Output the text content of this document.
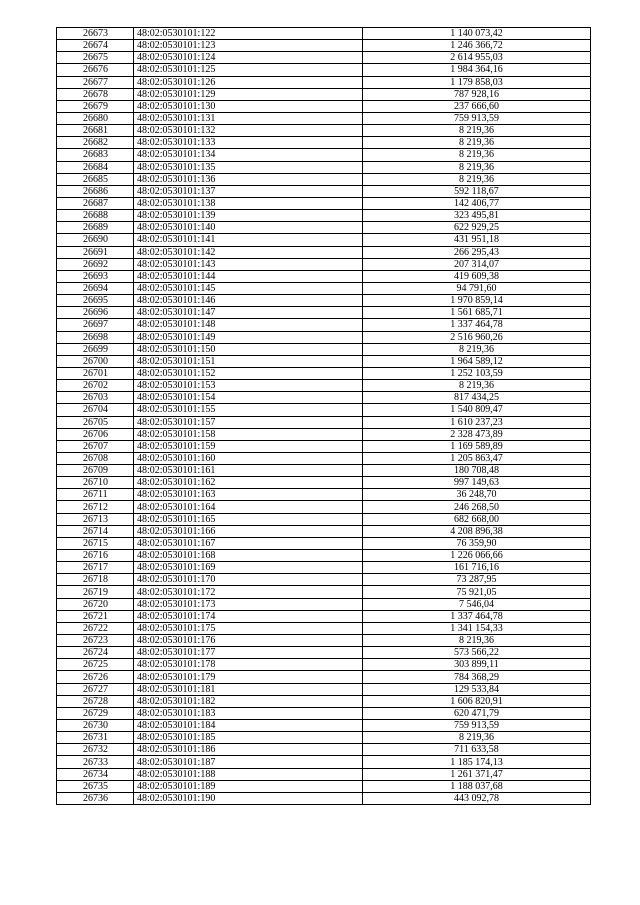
26673	48:02:0530101:122	1 140 073,42
26674	48:02:0530101:123	1 246 366,72
26675	48:02:0530101:124	2 614 955,03
26676	48:02:0530101:125	1 984 364,16
26677	48:02:0530101:126	1 179 858,03
26678	48:02:0530101:129	787 928,16
26679	48:02:0530101:130	237 666,60
26680	48:02:0530101:131	759 913,59
26681	48:02:0530101:132	8 219,36
26682	48:02:0530101:133	8 219,36
26683	48:02:0530101:134	8 219,36
26684	48:02:0530101:135	8 219,36
26685	48:02:0530101:136	8 219,36
26686	48:02:0530101:137	592 118,67
26687	48:02:0530101:138	142 406,77
26688	48:02:0530101:139	323 495,81
26689	48:02:0530101:140	622 929,25
26690	48:02:0530101:141	431 951,18
26691	48:02:0530101:142	266 295,43
26692	48:02:0530101:143	207 314,07
26693	48:02:0530101:144	419 609,38
26694	48:02:0530101:145	94 791,60
26695	48:02:0530101:146	1 970 859,14
26696	48:02:0530101:147	1 561 685,71
26697	48:02:0530101:148	1 337 464,78
26698	48:02:0530101:149	2 516 960,26
26699	48:02:0530101:150	8 219,36
26700	48:02:0530101:151	1 964 589,12
26701	48:02:0530101:152	1 252 103,59
26702	48:02:0530101:153	8 219,36
26703	48:02:0530101:154	817 434,25
26704	48:02:0530101:155	1 540 809,47
26705	48:02:0530101:157	1 610 237,23
26706	48:02:0530101:158	2 328 473,89
26707	48:02:0530101:159	1 169 589,89
26708	48:02:0530101:160	1 205 863,47
26709	48:02:0530101:161	180 708,48
26710	48:02:0530101:162	997 149,63
26711	48:02:0530101:163	36 248,70
26712	48:02:0530101:164	246 268,50
26713	48:02:0530101:165	682 668,00
26714	48:02:0530101:166	4 208 896,38
26715	48:02:0530101:167	76 359,90
26716	48:02:0530101:168	1 226 066,66
26717	48:02:0530101:169	161 716,16
26718	48:02:0530101:170	73 287,95
26719	48:02:0530101:172	75 921,05
26720	48:02:0530101:173	7 546,04
26721	48:02:0530101:174	1 337 464,78
26722	48:02:0530101:175	1 341 154,33
26723	48:02:0530101:176	8 219,36
26724	48:02:0530101:177	573 566,22
26725	48:02:0530101:178	303 899,11
26726	48:02:0530101:179	784 368,29
26727	48:02:0530101:181	129 533,84
26728	48:02:0530101:182	1 606 820,91
26729	48:02:0530101:183	620 471,79
26730	48:02:0530101:184	759 913,59
26731	48:02:0530101:185	8 219,36
26732	48:02:0530101:186	711 633,58
26733	48:02:0530101:187	1 185 174,13
26734	48:02:0530101:188	1 261 371,47
26735	48:02:0530101:189	1 188 037,68
26736	48:02:0530101:190	443 092,78
